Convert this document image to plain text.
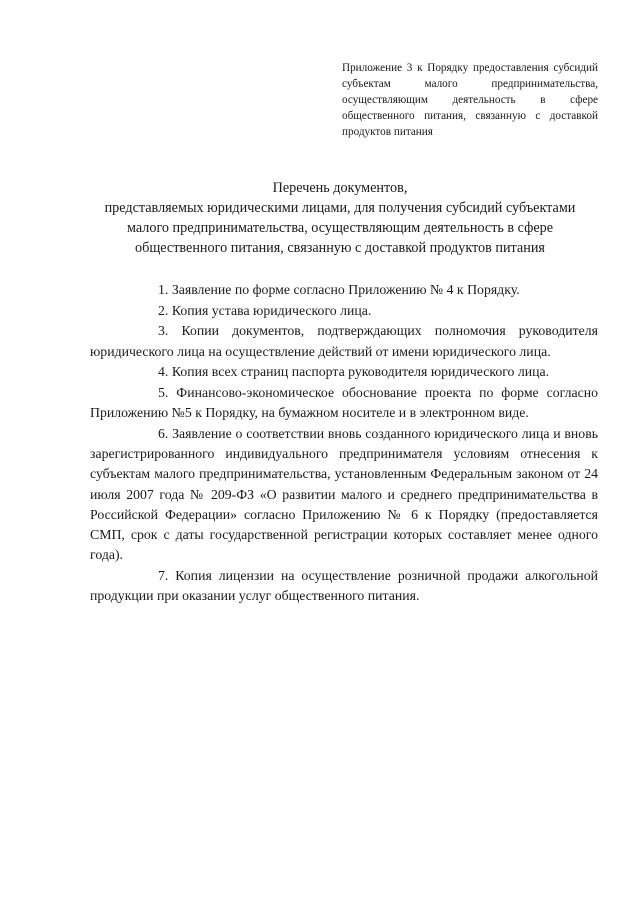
Приложение 3 к Порядку предоставления субсидий субъектам малого предпринимательства, осуществляющим деятельность в сфере общественного питания, связанную с доставкой продуктов питания
Перечень документов,
представляемых юридическими лицами, для получения субсидий субъектами
малого предпринимательства, осуществляющим деятельность в сфере
общественного питания, связанную с доставкой продуктов питания

1. Заявление по форме согласно Приложению № 4 к Порядку.

2. Копия устава юридического лица.

3. Копии документов, подтверждающих полномочия руководителя юридического лица на осуществление действий от имени юридического лица.

4. Копия всех страниц паспорта руководителя юридического лица.

5. Финансово-экономическое обоснование проекта по форме согласно Приложению №5 к Порядку, на бумажном носителе и в электронном виде.

6. Заявление о соответствии вновь созданного юридического лица и вновь зарегистрированного индивидуального предпринимателя условиям отнесения к субъектам малого предпринимательства, установленным Федеральным законом от 24 июля 2007 года № 209-ФЗ «О развитии малого и среднего предпринимательства в Российской Федерации» согласно Приложению № 6 к Порядку (предоставляется СМП, срок с даты государственной регистрации которых составляет менее одного года).

7. Копия лицензии на осуществление розничной продажи алкогольной продукции при оказании услуг общественного питания.
